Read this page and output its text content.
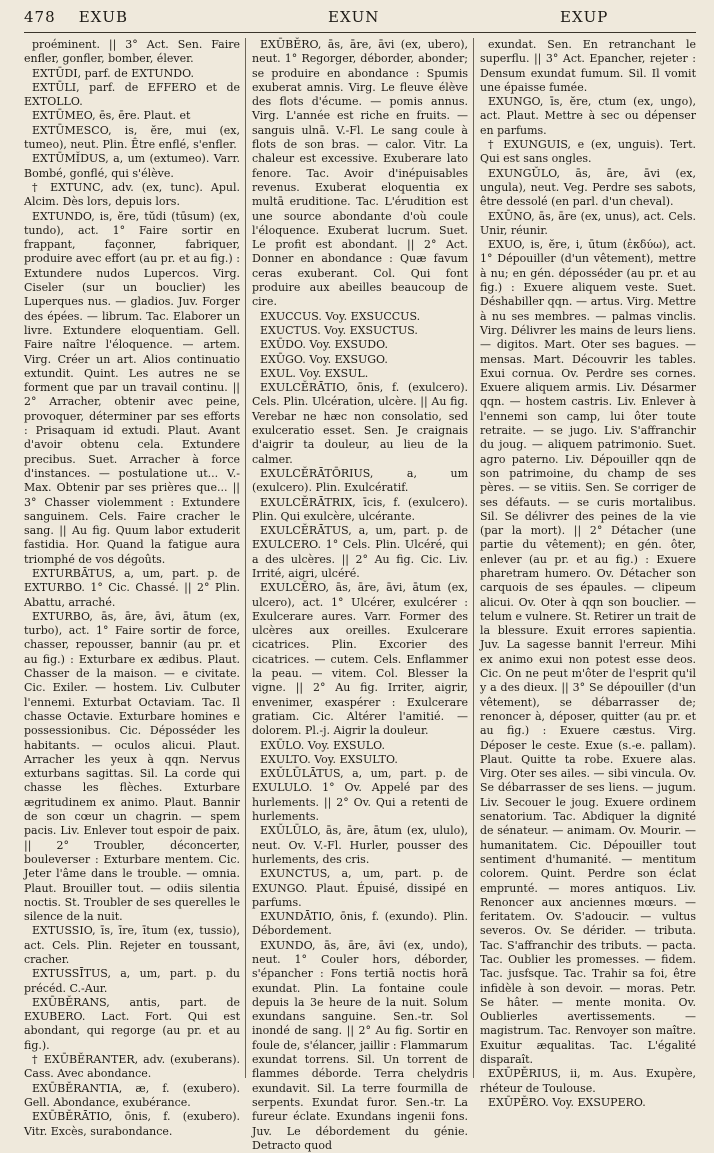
478 EXUB	EXUN	EXUP

proéminent. || 3° Act. Sen. Faire enfler, gonfler, bomber, élever.

EXTŪDI, parf. de EXTUNDO.

EXTŪLI, parf. de EFFERO et de EXTOLLO.

EXTŪMEO, ēs, ēre. Plaut. et

EXTŪMESCO, is, ĕre, mui (ex, tumeo), neut. Plin. Être enflé, s'enfler.

EXTŪMĬDUS, a, um (extumeo). Varr. Bombé, gonflé, qui s'élève.

† EXTUNC, adv. (ex, tunc). Apul. Alcim. Dès lors, depuis lors.

EXTUNDO, is, ĕre, tŭdi (tūsum) (ex, tundo), act. 1° Faire sortir en frappant, façonner, fabriquer, produire avec effort (au pr. et au fig.) : Extundere nudos Lupercos. Virg. Ciseler (sur un bouclier) les Luperques nus. — gladios. Juv. Forger des épées. — librum. Tac. Elaborer un livre. Extundere eloquentiam. Gell. Faire naître l'éloquence. — artem. Virg. Créer un art. Alios continuatio extundit. Quint. Les autres ne se forment que par un travail continu. || 2° Arracher, obtenir avec peine, provoquer, déterminer par ses efforts : Prisaquam id extudi. Plaut. Avant d'avoir obtenu cela. Extundere precibus. Suet. Arracher à force d'instances. — postulatione ut... V.-Max. Obtenir par ses prières que... || 3° Chasser violemment : Extundere sanguinem. Cels. Faire cracher le sang. || Au fig. Quum labor extuderit fastidia. Hor. Quand la fatigue aura triomphé de vos dégoûts.

EXTURBĀTUS, a, um, part. p. de EXTURBO. 1° Cic. Chassé. || 2° Plin. Abattu, arraché.

EXTURBO, ās, āre, āvi, ātum (ex, turbo), act. 1° Faire sortir de force, chasser, repousser, bannir (au pr. et au fig.) : Exturbare ex ædibus. Plaut. Chasser de la maison. — e civitate. Cic. Exiler. — hostem. Liv. Culbuter l'ennemi. Exturbat Octaviam. Tac. Il chasse Octavie. Exturbare homines e possessionibus. Cic. Déposséder les habitants. — oculos alicui. Plaut. Arracher les yeux à qqn. Nervus exturbans sagittas. Sil. La corde qui chasse les flèches. Exturbare ægritudinem ex animo. Plaut. Bannir de son cœur un chagrin. — spem pacis. Liv. Enlever tout espoir de paix. || 2° Troubler, déconcerter, bouleverser : Exturbare mentem. Cic. Jeter l'âme dans le trouble. — omnia. Plaut. Brouiller tout. — odiis silentia noctis. St. Troubler de ses querelles le silence de la nuit.

EXTUSSIO, īs, īre, ītum (ex, tussio), act. Cels. Plin. Rejeter en toussant, cracher.

EXTUSSĪTUS, a, um, part. p. du précéd. C.-Aur.

EXŪBĔRANS, antis, part. de EXUBERO. Lact. Fort. Qui est abondant, qui regorge (au pr. et au fig.).

† EXŪBĔRANTER, adv. (exuberans). Cass. Avec abondance.

EXŪBĔRANTIA, æ, f. (exubero). Gell. Abondance, exubérance.

EXŪBĔRĀTIO, ōnis, f. (exubero). Vitr. Excès, surabondance.

EXŪBĔRO, ās, āre, āvi (ex, ubero), neut. 1° Regorger, déborder, abonder; se produire en abondance : Spumis exuberat amnis. Virg. Le fleuve élève des flots d'écume. — pomis annus. Virg. L'année est riche en fruits. — sanguis ulnā. V.-Fl. Le sang coule à flots de son bras. — calor. Vitr. La chaleur est excessive. Exuberare lato fenore. Tac. Avoir d'inépuisables revenus. Exuberat eloquentia ex multā eruditione. Tac. L'érudition est une source abondante d'où coule l'éloquence. Exuberat lucrum. Suet. Le profit est abondant. || 2° Act. Donner en abondance : Quæ favum ceras exuberant. Col. Qui font produire aux abeilles beaucoup de cire.

EXUCCUS. Voy. EXSUCCUS.

EXUCTUS. Voy. EXSUCTUS.

EXŪDO. Voy. EXSUDO.

EXŪGO. Voy. EXSUGO.

EXUL. Voy. EXSUL.

EXULCĔRĀTIO, ōnis, f. (exulcero). Cels. Plin. Ulcération, ulcère. || Au fig. Verebar ne hæc non consolatio, sed exulceratio esset. Sen. Je craignais d'aigrir ta douleur, au lieu de la calmer.

EXULCĔRĀTŌRIUS, a, um (exulcero). Plin. Exulcératif.

EXULCĔRĀTRIX, īcis, f. (exulcero). Plin. Qui exulcère, ulcérante.

EXULCĔRĀTUS, a, um, part. p. de EXULCERO. 1° Cels. Plin. Ulcéré, qui a des ulcères. || 2° Au fig. Cic. Liv. Irrité, aigri, ulcéré.

EXULCĔRO, ās, āre, āvi, ātum (ex, ulcero), act. 1° Ulcérer, exulcérer : Exulcerare aures. Varr. Former des ulcères aux oreilles. Exulcerare cicatrices. Plin. Excorier des cicatrices. — cutem. Cels. Enflammer la peau. — vitem. Col. Blesser la vigne. || 2° Au fig. Irriter, aigrir, envenimer, exaspérer : Exulcerare gratiam. Cic. Altérer l'amitié. — dolorem. Pl.-j. Aigrir la douleur.

EXŪLO. Voy. EXSULO.

EXULTO. Voy. EXSULTO.

EXŬLŪLĀTUS, a, um, part. p. de EXULULO. 1° Ov. Appelé par des hurlements. || 2° Ov. Qui a retenti de hurlements.

EXŬLŪLO, ās, āre, ātum (ex, ululo), neut. Ov. V.-Fl. Hurler, pousser des hurlements, des cris.

EXUNCTUS, a, um, part. p. de EXUNGO. Plaut. Épuisé, dissipé en parfums.

EXUNDĀTIO, ōnis, f. (exundo). Plin. Débordement.

EXUNDO, ās, āre, āvi (ex, undo), neut. 1° Couler hors, déborder, s'épancher : Fons tertiā noctis horā exundat. Plin. La fontaine coule depuis la 3e heure de la nuit. Solum exundans sanguine. Sen.-tr. Sol inondé de sang. || 2° Au fig. Sortir en foule de, s'élancer, jaillir : Flammarum exundat torrens. Sil. Un torrent de flammes déborde. Terra chelydris exundavit. Sil. La terre fourmilla de serpents. Exundat furor. Sen.-tr. La fureur éclate. Exundans ingenii fons. Juv. Le débordement du génie. Detracto quod

exundat. Sen. En retranchant le superflu. || 3° Act. Epancher, rejeter : Densum exundat fumum. Sil. Il vomit une épaisse fumée.

EXUNGO, īs, ĕre, ctum (ex, ungo), act. Plaut. Mettre à sec ou dépenser en parfums.

† EXUNGUIS, e (ex, unguis). Tert. Qui est sans ongles.

EXUNGŬLO, ās, āre, āvi (ex, ungula), neut. Veg. Perdre ses sabots, être dessolé (en parl. d'un cheval).

EXŪNO, ās, āre (ex, unus), act. Cels. Unir, réunir.

EXUO, is, ĕre, i, ūtum (ἐκδύω), act. 1° Dépouiller (d'un vêtement), mettre à nu; en gén. déposséder (au pr. et au fig.) : Exuere aliquem veste. Suet. Déshabiller qqn. — artus. Virg. Mettre à nu ses membres. — palmas vinclis. Virg. Délivrer les mains de leurs liens. — digitos. Mart. Oter ses bagues. — mensas. Mart. Découvrir les tables. Exui cornua. Ov. Perdre ses cornes. Exuere aliquem armis. Liv. Désarmer qqn. — hostem castris. Liv. Enlever à l'ennemi son camp, lui ôter toute retraite. — se jugo. Liv. S'affranchir du joug. — aliquem patrimonio. Suet. agro paterno. Liv. Dépouiller qqn de son patrimoine, du champ de ses pères. — se vitiis. Sen. Se corriger de ses défauts. — se curis mortalibus. Sil. Se délivrer des peines de la vie (par la mort). || 2° Détacher (une partie du vêtement); en gén. ôter, enlever (au pr. et au fig.) : Exuere pharetram humero. Ov. Détacher son carquois de ses épaules. — clipeum alicui. Ov. Oter à qqn son bouclier. — telum e vulnere. St. Retirer un trait de la blessure. Exuit errores sapientia. Juv. La sagesse bannit l'erreur. Mihi ex animo exui non potest esse deos. Cic. On ne peut m'ôter de l'esprit qu'il y a des dieux. || 3° Se dépouiller (d'un vêtement), se débarrasser de; renoncer à, déposer, quitter (au pr. et au fig.) : Exuere cæstus. Virg. Déposer le ceste. Exue (s.-e. pallam). Plaut. Quitte ta robe. Exuere alas. Virg. Oter ses ailes. — sibi vincula. Ov. Se débarrasser de ses liens. — jugum. Liv. Secouer le joug. Exuere ordinem senatorium. Tac. Abdiquer la dignité de sénateur. — animam. Ov. Mourir. — humanitatem. Cic. Dépouiller tout sentiment d'humanité. — mentitum colorem. Quint. Perdre son éclat emprunté. — mores antiquos. Liv. Renoncer aux anciennes mœurs. — feritatem. Ov. S'adoucir. — vultus severos. Ov. Se dérider. — tributa. Tac. S'affranchir des tributs. — pacta. Tac. Oublier les promesses. — fidem. Tac. jusfsque. Tac. Trahir sa foi, être infidèle à son devoir. — moras. Petr. Se hâter. — mente monita. Ov. Oublierles avertissements. — magistrum. Tac. Renvoyer son maître. Exuitur æqualitas. Tac. L'égalité disparaît.

EXŪPĔRIUS, ii, m. Aus. Exupère, rhéteur de Toulouse.

EXŪPĔRO. Voy. EXSUPERO.
